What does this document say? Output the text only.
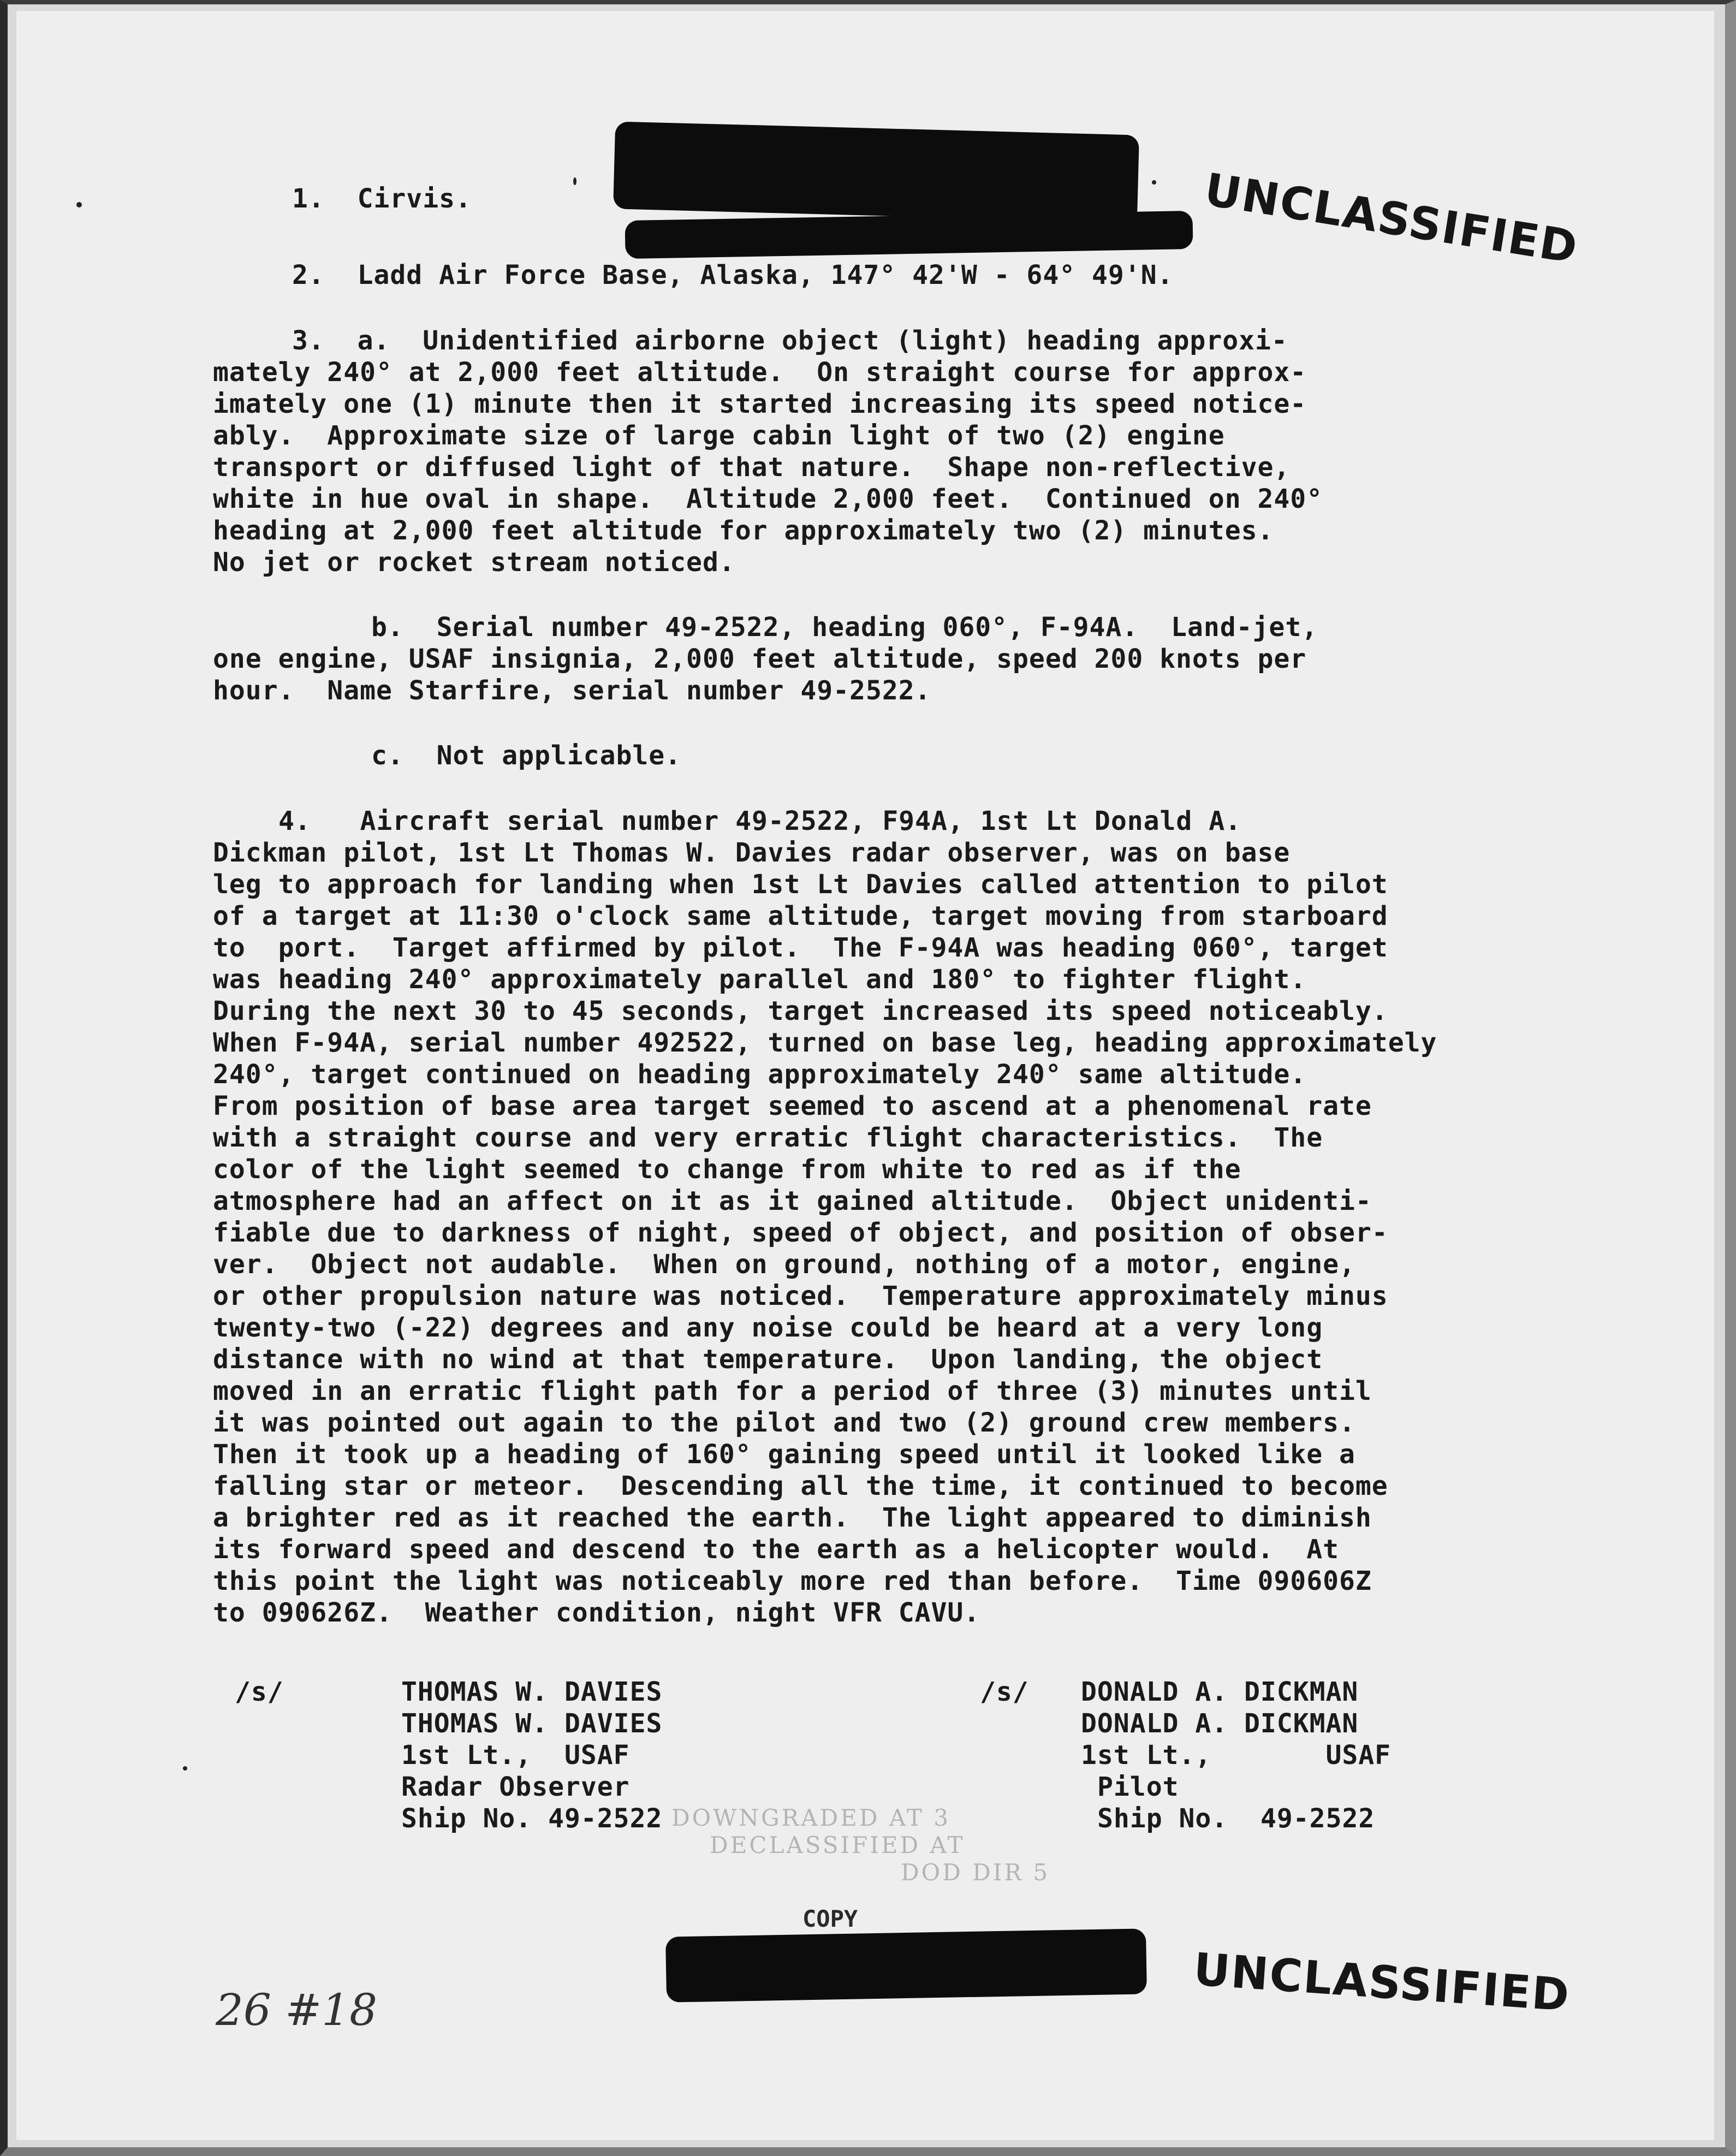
UNCLASSIFIED
UNCLASSIFIED
1.  Cirvis.
2.  Ladd Air Force Base, Alaska, 147° 42'W - 64° 49'N.
3.  a.  Unidentified airborne object (light) heading approxi-
mately 240° at 2,000 feet altitude.  On straight course for approx-
imately one (1) minute then it started increasing its speed notice-
ably.  Approximate size of large cabin light of two (2) engine
transport or diffused light of that nature.  Shape non-reflective,
white in hue oval in shape.  Altitude 2,000 feet.  Continued on 240°
heading at 2,000 feet altitude for approximately two (2) minutes.
No jet or rocket stream noticed.
b.  Serial number 49-2522, heading 060°, F-94A.  Land-jet,
one engine, USAF insignia, 2,000 feet altitude, speed 200 knots per
hour.  Name Starfire, serial number 49-2522.
c.  Not applicable.
4.   Aircraft serial number 49-2522, F94A, 1st Lt Donald A.
Dickman pilot, 1st Lt Thomas W. Davies radar observer, was on base
leg to approach for landing when 1st Lt Davies called attention to pilot
of a target at 11:30 o'clock same altitude, target moving from starboard
to  port.  Target affirmed by pilot.  The F-94A was heading 060°, target
was heading 240° approximately parallel and 180° to fighter flight.
During the next 30 to 45 seconds, target increased its speed noticeably.
When F-94A, serial number 492522, turned on base leg, heading approximately
240°, target continued on heading approximately 240° same altitude.
From position of base area target seemed to ascend at a phenomenal rate
with a straight course and very erratic flight characteristics.  The
color of the light seemed to change from white to red as if the
atmosphere had an affect on it as it gained altitude.  Object unidenti-
fiable due to darkness of night, speed of object, and position of obser-
ver.  Object not audable.  When on ground, nothing of a motor, engine,
or other propulsion nature was noticed.  Temperature approximately minus
twenty-two (-22) degrees and any noise could be heard at a very long
distance with no wind at that temperature.  Upon landing, the object
moved in an erratic flight path for a period of three (3) minutes until
it was pointed out again to the pilot and two (2) ground crew members.
Then it took up a heading of 160° gaining speed until it looked like a
falling star or meteor.  Descending all the time, it continued to become
a brighter red as it reached the earth.  The light appeared to diminish
its forward speed and descend to the earth as a helicopter would.  At
this point the light was noticeably more red than before.  Time 090606Z
to 090626Z.  Weather condition, night VFR CAVU.
/s/	THOMAS W. DAVIES
THOMAS W. DAVIES
1st Lt.,  USAF
Radar Observer
Ship No. 49-2522
/s/ DONALD A. DICKMAN
DONALD A. DICKMAN
1st Lt.,       USAF
Pilot
Ship No.  49-2522
DOWNGRADED AT 3
DECLASSIFIED AT
DOD DIR 5
COPY
26 #18
